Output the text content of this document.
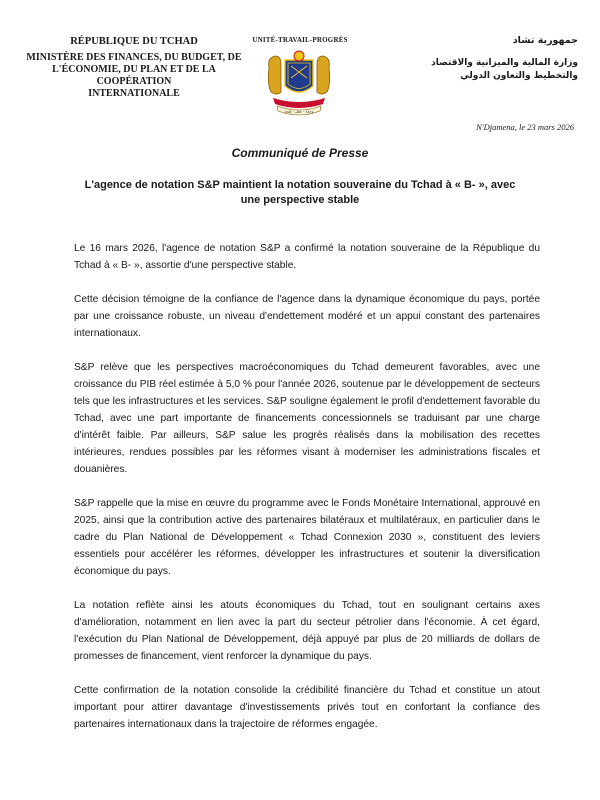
RÉPUBLIQUE DU TCHAD
MINISTÈRE DES FINANCES, DU BUDGET, DE
L'ÉCONOMIE, DU PLAN ET DE LA COOPÉRATION
INTERNATIONALE
UNITÉ-TRAVAIL-PROGRÈS
وحدة - عمل - تقدم
جمهورية تشاد
وزارة المالية والميزانية والاقتصاد
والتخطيط والتعاون الدولي
N'Djamena, le 23 mars 2026
Communiqué de Presse
L'agence de notation S&P maintient la notation souveraine du Tchad à « B- », avec une perspective stable

Le 16 mars 2026, l'agence de notation S&P a confirmé la notation souveraine de la République du Tchad à « B- », assortie d'une perspective stable.

Cette décision témoigne de la confiance de l'agence dans la dynamique économique du pays, portée par une croissance robuste, un niveau d'endettement modéré et un appui constant des partenaires internationaux.

S&P relève que les perspectives macroéconomiques du Tchad demeurent favorables, avec une croissance du PIB réel estimée à 5,0 % pour l'année 2026, soutenue par le développement de secteurs tels que les infrastructures et les services. S&P souligne également le profil d'endettement favorable du Tchad, avec une part importante de financements concessionnels se traduisant par une charge d'intérêt faible. Par ailleurs, S&P salue les progrès réalisés dans la mobilisation des recettes intérieures, rendues possibles par les réformes visant à moderniser les administrations fiscales et douanières.

S&P rappelle que la mise en œuvre du programme avec le Fonds Monétaire International, approuvé en 2025, ainsi que la contribution active des partenaires bilatéraux et multilatéraux, en particulier dans le cadre du Plan National de Développement « Tchad Connexion 2030 », constituent des leviers essentiels pour accélérer les réformes, développer les infrastructures et soutenir la diversification économique du pays.

La notation reflète ainsi les atouts économiques du Tchad, tout en soulignant certains axes d'amélioration, notamment en lien avec la part du secteur pétrolier dans l'économie. À cet égard, l'exécution du Plan National de Développement, déjà appuyé par plus de 20 milliards de dollars de promesses de financement, vient renforcer la dynamique du pays.

Cette confirmation de la notation consolide la crédibilité financière du Tchad et constitue un atout important pour attirer davantage d'investissements privés tout en confortant la confiance des partenaires internationaux dans la trajectoire de réformes engagée.
